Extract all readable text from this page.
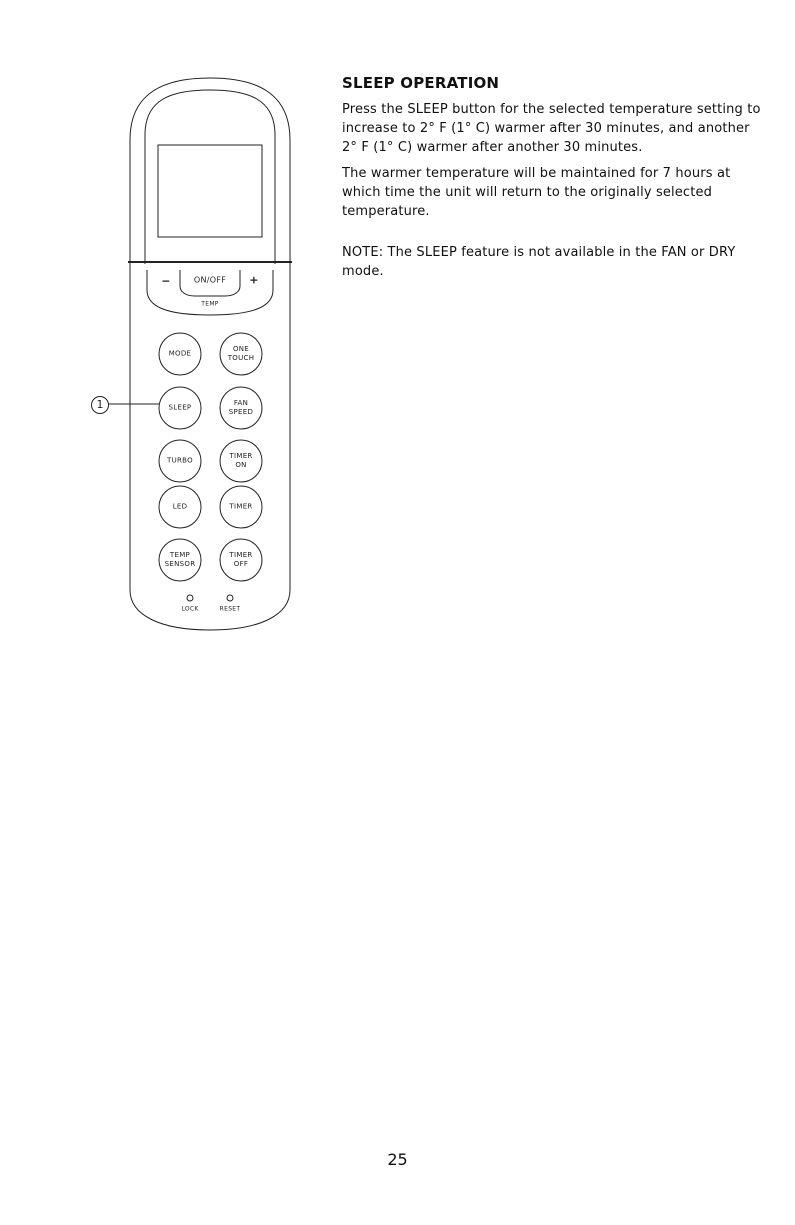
−	ON/OFF +
TEMP
MODE
ONE
TOUCH
SLEEP
FAN
SPEED
TURBO
TIMER
ON
LED	TIMER
TEMP
SENSOR
TIMER
OFF
LOCK	RESET
1
SLEEP OPERATION

Press the SLEEP button for the selected temperature setting to increase to 2° F (1° C) warmer after 30 minutes, and another 2° F (1° C) warmer after another 30 minutes.

The warmer temperature will be maintained for 7 hours at which time the unit will return to the originally selected temperature.

NOTE: The SLEEP feature is not available in the FAN or DRY mode.

25
